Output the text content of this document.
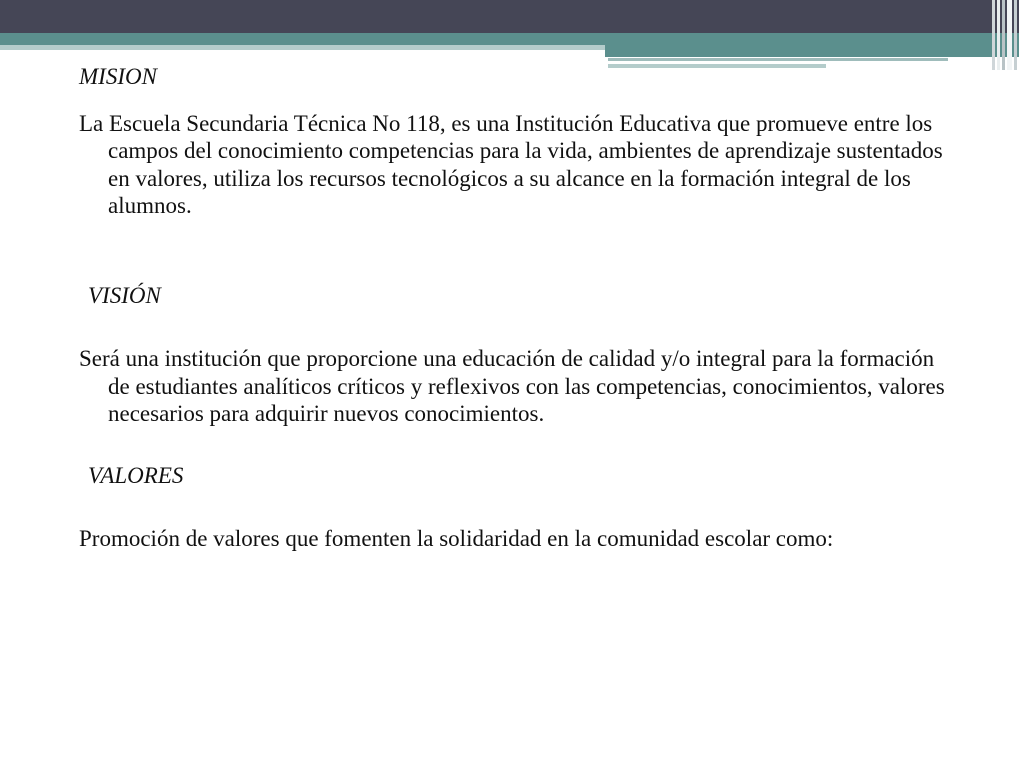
MISION

La Escuela Secundaria Técnica No 118, es una Institución Educativa que promueve entre los campos del conocimiento competencias para la vida, ambientes de aprendizaje sustentados en valores, utiliza los recursos tecnológicos a su alcance en la formación integral de los alumnos.

VISIÓN

Será una institución que proporcione una educación de calidad y/o integral para la formación de estudiantes analíticos críticos y reflexivos con las competencias, conocimientos, valores necesarios para adquirir nuevos conocimientos.

VALORES

Promoción de valores que fomenten la solidaridad en la comunidad escolar como:
